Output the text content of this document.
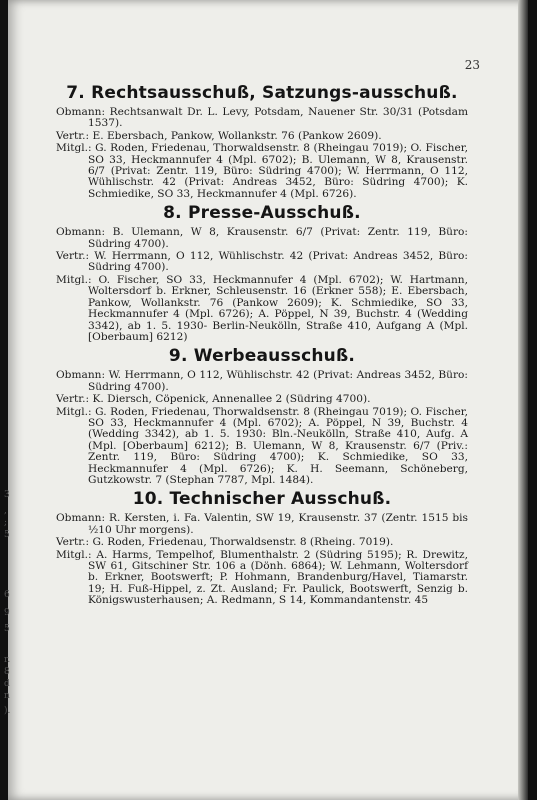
23
7. Rechtsausschuß, Satzungs-ausschuß.

Obmann: Rechtsanwalt Dr. L. Levy, Potsdam, Nauener Str. 30/31 (Potsdam 1537).

Vertr.: E. Ebersbach, Pankow, Wollankstr. 76 (Pankow 2609).

Mitgl.: G. Roden, Friedenau, Thorwaldsenstr. 8 (Rheingau 7019); O. Fischer, SO 33, Heckmannufer 4 (Mpl. 6702); B. Ulemann, W 8, Krausenstr. 6/7 (Privat: Zentr. 119, Büro: Südring 4700); W. Herrmann, O 112, Wühlischstr. 42 (Privat: Andreas 3452, Büro: Südring 4700); K. Schmiedike, SO 33, Heckmannufer 4 (Mpl. 6726).

8. Presse-Ausschuß.

Obmann: B. Ulemann, W 8, Krausenstr. 6/7 (Privat: Zentr. 119, Büro: Südring 4700).

Vertr.: W. Herrmann, O 112, Wühlischstr. 42 (Privat: Andreas 3452, Büro: Südring 4700).

Mitgl.: O. Fischer, SO 33, Heckmannufer 4 (Mpl. 6702); W. Hartmann, Woltersdorf b. Erkner, Schleusenstr. 16 (Erkner 558); E. Ebersbach, Pankow, Wollankstr. 76 (Pankow 2609); K. Schmiedike, SO 33, Heckmannufer 4 (Mpl. 6726); A. Pöppel, N 39, Buchstr. 4 (Wedding 3342), ab 1. 5. 1930- Berlin-Neukölln, Straße 410, Aufgang A (Mpl. [Oberbaum] 6212)

9. Werbeausschuß.

Obmann: W. Herrmann, O 112, Wühlischstr. 42 (Privat: Andreas 3452, Büro: Südring 4700).

Vertr.: K. Diersch, Cöpenick, Annenallee 2 (Südring 4700).

Mitgl.: G. Roden, Friedenau, Thorwaldsenstr. 8 (Rheingau 7019); O. Fischer, SO 33, Heckmannufer 4 (Mpl. 6702); A. Pöppel, N 39, Buchstr. 4 (Wedding 3342), ab 1. 5. 1930: Bln.-Neukölln, Straße 410, Aufg. A (Mpl. [Oberbaum] 6212); B. Ulemann, W 8, Krausenstr. 6/7 (Priv.: Zentr. 119, Büro: Südring 4700); K. Schmiedike, SO 33, Heckmannufer 4 (Mpl. 6726); K. H. Seemann, Schöneberg, Gutzkowstr. 7 (Stephan 7787, Mpl. 1484).

10. Technischer Ausschuß.

Obmann: R. Kersten, i. Fa. Valentin, SW 19, Krausenstr. 37 (Zentr. 1515 bis ½10 Uhr morgens).

Vertr.: G. Roden, Friedenau, Thorwaldsenstr. 8 (Rheing. 7019).

Mitgl.: A. Harms, Tempelhof, Blumenthalstr. 2 (Südring 5195); R. Drewitz, SW 61, Gitschiner Str. 106 a (Dönh. 6864); W. Lehmann, Woltersdorf b. Erkner, Bootswerft; P. Hohmann, Brandenburg/Havel, Tiamarstr. 19; H. Fuß-Hippel, z. Zt. Ausland; Fr. Paulick, Bootswerft, Senzig b. Königswusterhausen; A. Redmann, S 14, Kommandantenstr. 45

3
,
;
5
6
9
5
r.
8
d
n
).
